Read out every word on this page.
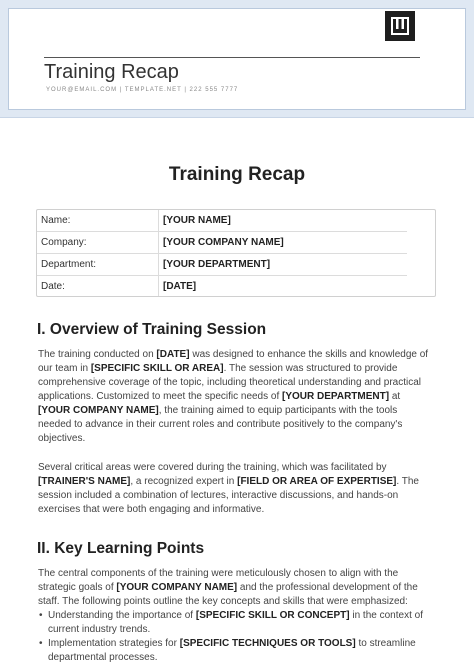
Training Recap
YOUR@EMAIL.COM | TEMPLATE.NET | 222 555 7777
Training Recap
Name:	[YOUR NAME]
Company:	[YOUR COMPANY NAME]
Department:	[YOUR DEPARTMENT]
Date:	[DATE]
I. Overview of Training Session
The training conducted on [DATE] was designed to enhance the skills and knowledge of
our team in [SPECIFIC SKILL OR AREA]. The session was structured to provide
comprehensive coverage of the topic, including theoretical understanding and practical
applications. Customized to meet the specific needs of [YOUR DEPARTMENT] at
[YOUR COMPANY NAME], the training aimed to equip participants with the tools
needed to advance in their current roles and contribute positively to the company's
objectives.
Several critical areas were covered during the training, which was facilitated by
[TRAINER'S NAME], a recognized expert in [FIELD OR AREA OF EXPERTISE]. The
session included a combination of lectures, interactive discussions, and hands-on
exercises that were both engaging and informative.
II. Key Learning Points
The central components of the training were meticulously chosen to align with the
strategic goals of [YOUR COMPANY NAME] and the professional development of the
staff. The following points outline the key concepts and skills that were emphasized:
• Understanding the importance of [SPECIFIC SKILL OR CONCEPT] in the context of
current industry trends.
• Implementation strategies for [SPECIFIC TECHNIQUES OR TOOLS] to streamline
departmental processes.
